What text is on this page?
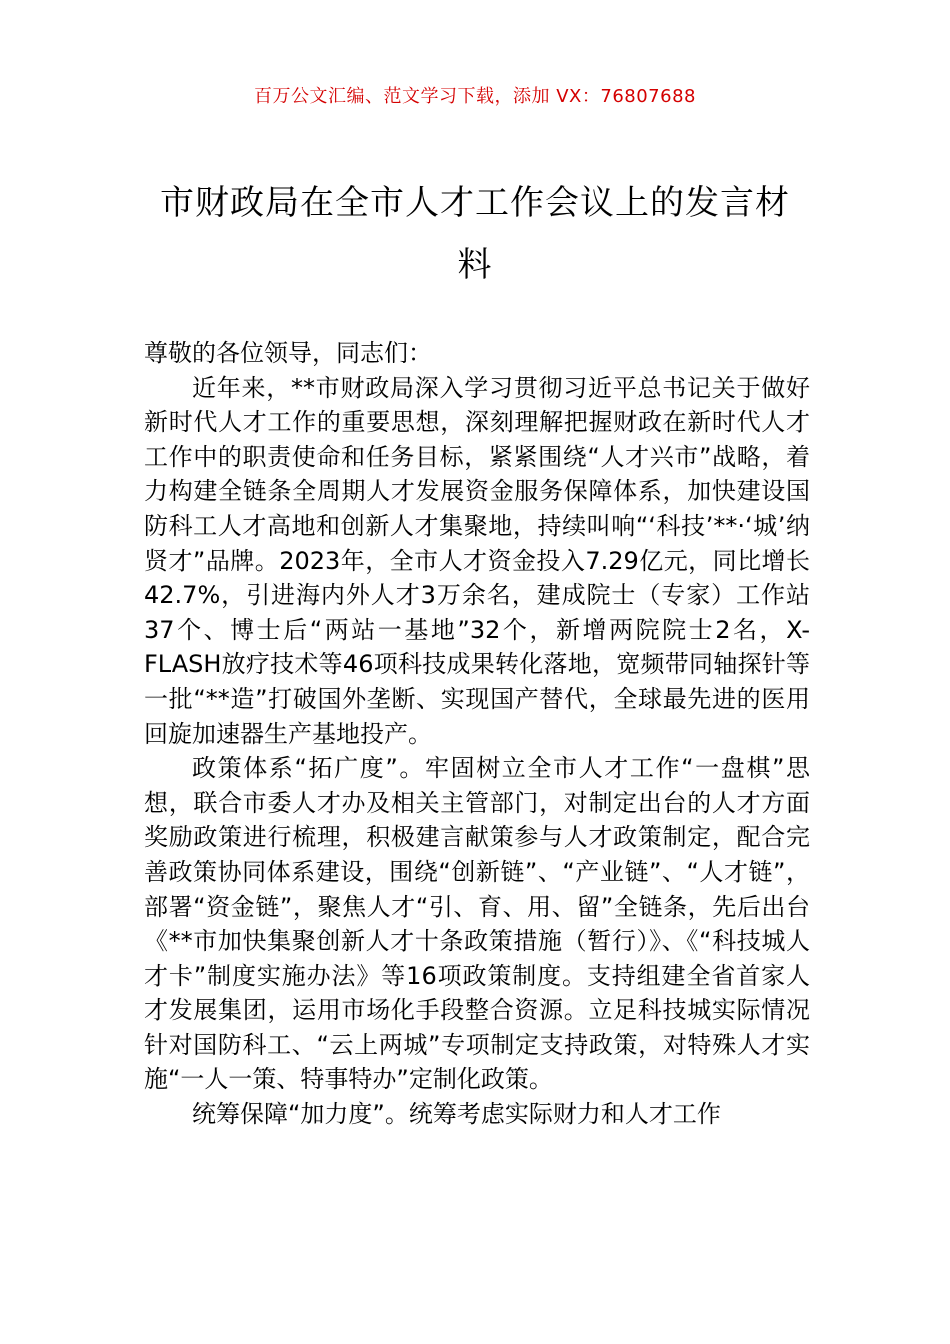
百万公文汇编、范文学习下载，添加 VX：76807688
市财政局在全市人才工作会议上的发言材料

尊敬的各位领导，同志们：

近年来，**市财政局深入学习贯彻习近平总书记关于做好新时代人才工作的重要思想，深刻理解把握财政在新时代人才工作中的职责使命和任务目标，紧紧围绕“人才兴市”战略，着力构建全链条全周期人才发展资金服务保障体系，加快建设国防科工人才高地和创新人才集聚地，持续叫响“‘科技’**·‘城’纳贤才”品牌。2023年，全市人才资金投入7.29亿元，同比增长42.7%，引进海内外人才3万余名，建成院士（专家）工作站37个、博士后“两站一基地”32个，新增两院院士2名，X-FLASH放疗技术等46项科技成果转化落地，宽频带同轴探针等一批“**造”打破国外垄断、实现国产替代，全球最先进的医用回旋加速器生产基地投产。

政策体系“拓广度”。牢固树立全市人才工作“一盘棋”思想，联合市委人才办及相关主管部门，对制定出台的人才方面奖励政策进行梳理，积极建言献策参与人才政策制定，配合完善政策协同体系建设，围绕“创新链”、“产业链”、“人才链”，部署“资金链”，聚焦人才“引、育、用、留”全链条，先后出台《**市加快集聚创新人才十条政策措施（暂行）》、《“科技城人才卡”制度实施办法》等16项政策制度。支持组建全省首家人才发展集团，运用市场化手段整合资源。立足科技城实际情况针对国防科工、“云上两城”专项制定支持政策，对特殊人才实施“一人一策、特事特办”定制化政策。

统筹保障“加力度”。统筹考虑实际财力和人才工作
